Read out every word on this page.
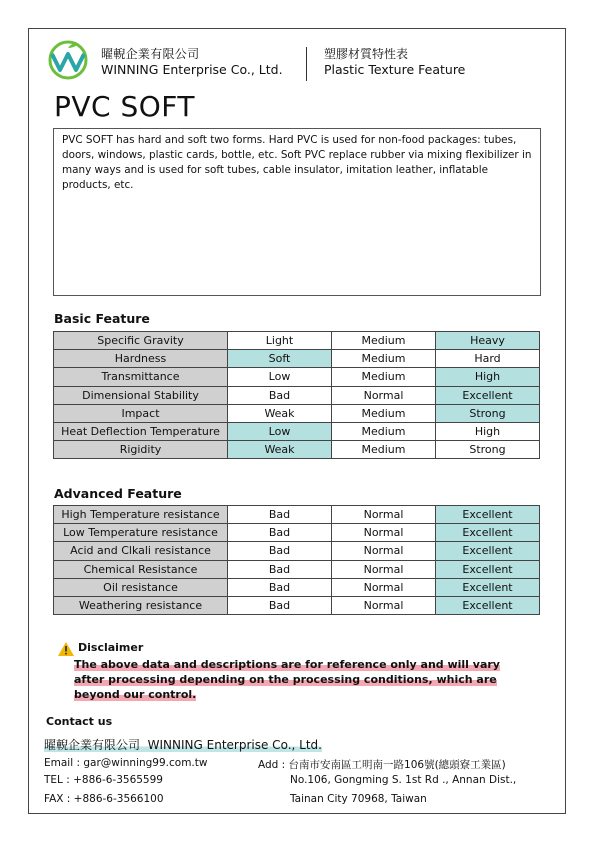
曜輗企業有限公司
WINNING Enterprise Co., Ltd.
塑膠材質特性表
Plastic Texture Feature
PVC SOFT
PVC SOFT has hard and soft two forms. Hard PVC is used for non-food packages: tubes, doors, windows, plastic cards, bottle, etc. Soft PVC replace rubber via mixing flexibilizer in many ways and is used for soft tubes, cable insulator, imitation leather, inflatable products, etc.
Basic Feature
Specific Gravity	Light	Medium	Heavy
Hardness	Soft	Medium	Hard
Transmittance	Low	Medium	High
Dimensional Stability	Bad	Normal	Excellent
Impact	Weak	Medium	Strong
Heat Deflection Temperature	Low	Medium	High
Rigidity	Weak	Medium	Strong
Advanced Feature
High Temperature resistance	Bad	Normal	Excellent
Low Temperature resistance	Bad	Normal	Excellent
Acid and Clkali resistance	Bad	Normal	Excellent
Chemical Resistance	Bad	Normal	Excellent
Oil resistance	Bad	Normal	Excellent
Weathering resistance	Bad	Normal	Excellent
Disclaimer
The above data and descriptions are for reference only and will vary after processing depending on the processing conditions, which are beyond our control.
Contact us
曜輗企業有限公司 WINNING Enterprise Co., Ltd.
Email : gar@winning99.com.tw
TEL : +886-6-3565599
FAX : +886-6-3566100
Add : 台南市安南區工明南一路106號(總頭寮工業區)
No.106, Gongming S. 1st Rd ., Annan Dist.,
Tainan City 70968, Taiwan
